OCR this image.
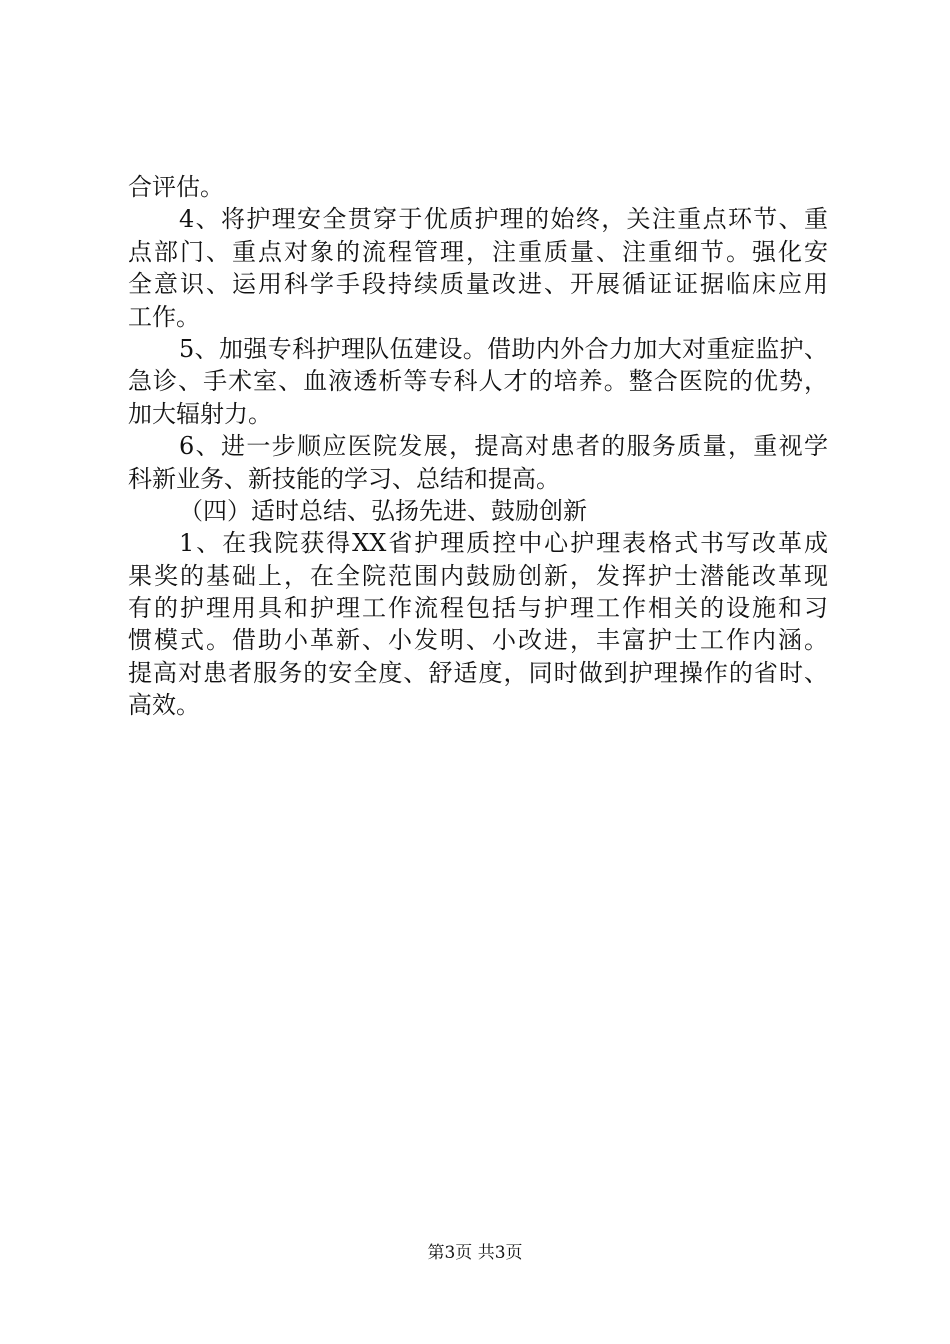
合评估。
4、将护理安全贯穿于优质护理的始终，关注重点环节、重
点部门、重点对象的流程管理，注重质量、注重细节。强化安
全意识、运用科学手段持续质量改进、开展循证证据临床应用
工作。
5、加强专科护理队伍建设。借助内外合力加大对重症监护、
急诊、手术室、血液透析等专科人才的培养。整合医院的优势，
加大辐射力。
6、进一步顺应医院发展，提高对患者的服务质量，重视学
科新业务、新技能的学习、总结和提高。
（四）适时总结、弘扬先进、鼓励创新
1、在我院获得XX省护理质控中心护理表格式书写改革成
果奖的基础上，在全院范围内鼓励创新，发挥护士潜能改革现
有的护理用具和护理工作流程包括与护理工作相关的设施和习
惯模式。借助小革新、小发明、小改进，丰富护士工作内涵。
提高对患者服务的安全度、舒适度，同时做到护理操作的省时、
高效。
第3页 共3页
